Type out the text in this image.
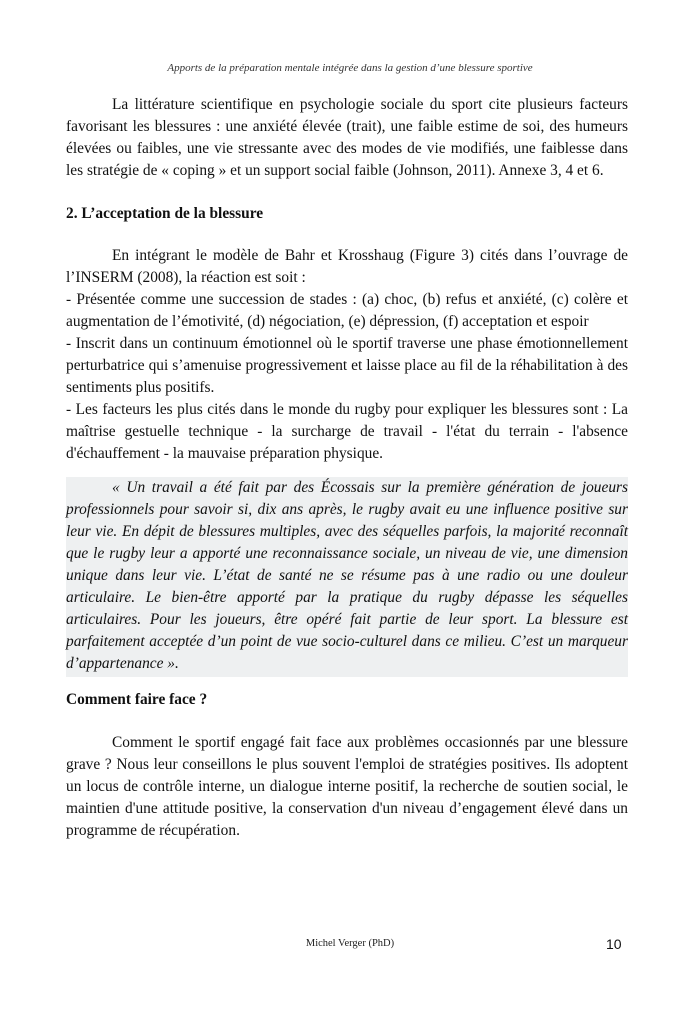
Apports de la préparation mentale intégrée dans la gestion d’une blessure sportive

La littérature scientifique en psychologie sociale du sport cite plusieurs facteurs favorisant les blessures : une anxiété élevée (trait), une faible estime de soi, des humeurs élevées ou faibles, une vie stressante avec des modes de vie modifiés, une faiblesse dans les stratégie de « coping » et un support social faible (Johnson, 2011). Annexe 3, 4 et 6.

2. L’acceptation de la blessure

En intégrant le modèle de Bahr et Krosshaug (Figure 3) cités dans l’ouvrage de l’INSERM (2008), la réaction est soit :

- Présentée comme une succession de stades : (a) choc, (b) refus et anxiété, (c) colère et augmentation de l’émotivité, (d) négociation, (e) dépression, (f) acceptation et espoir

- Inscrit dans un continuum émotionnel où le sportif traverse une phase émotionnellement perturbatrice qui s’amenuise progressivement et laisse place au fil de la réhabilitation à des sentiments plus positifs.

- Les facteurs les plus cités dans le monde du rugby pour expliquer les blessures sont : La maîtrise gestuelle technique - la surcharge de travail - l'état du terrain - l'absence d'échauffement - la mauvaise préparation physique.

« Un travail a été fait par des Écossais sur la première génération de joueurs professionnels pour savoir si, dix ans après, le rugby avait eu une influence positive sur leur vie. En dépit de blessures multiples, avec des séquelles parfois, la majorité reconnaît que le rugby leur a apporté une reconnaissance sociale, un niveau de vie, une dimension unique dans leur vie. L’état de santé ne se résume pas à une radio ou une douleur articulaire. Le bien-être apporté par la pratique du rugby dépasse les séquelles articulaires. Pour les joueurs, être opéré fait partie de leur sport. La blessure est parfaitement acceptée d’un point de vue socio-culturel dans ce milieu. C’est un marqueur d’appartenance ».

Comment faire face ?

Comment le sportif engagé fait face aux problèmes occasionnés par une blessure grave ? Nous leur conseillons le plus souvent l'emploi de stratégies positives. Ils adoptent un locus de contrôle interne, un dialogue interne positif, la recherche de soutien social, le maintien d'une attitude positive, la conservation d'un niveau d’engagement élevé dans un programme de récupération.

Michel Verger (PhD)	10
